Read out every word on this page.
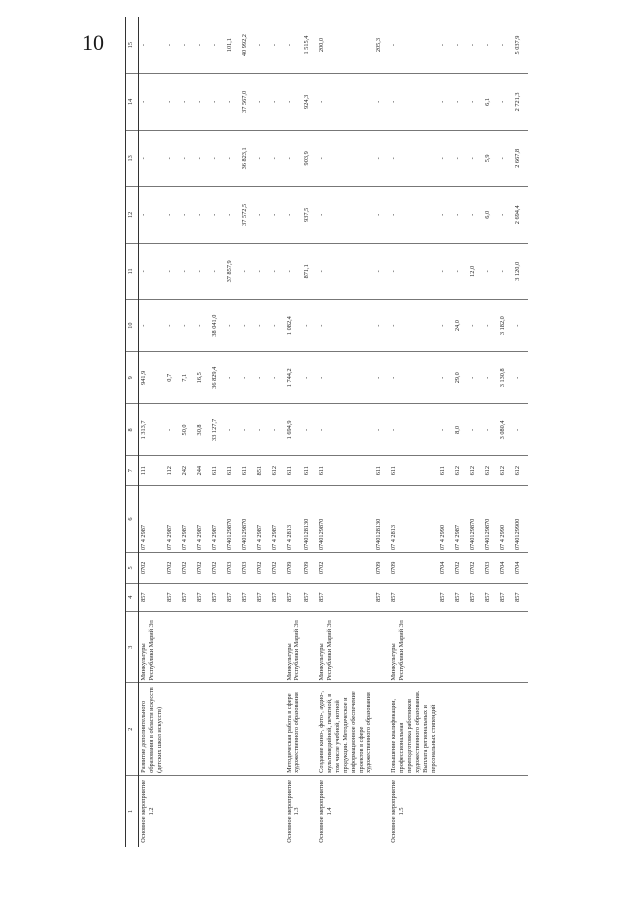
10
1	2	3	4	5	6	7	8	9	10	11	12	13	14	15
Основное мероприятие 1.2	Развитие дополнительного образования в области искусств (детских школ искусств)	Минкультуры Республики Марий Эл	857	0702	07 4 2987	111	1 313,7	941,9	-	-	-	-	-	-
			857	0702	07 4 2987	112	-	0,7	-	-	-	-	-	-
			857	0702	07 4 2987	242	50,0	7,1	-	-	-	-	-	-
			857	0702	07 4 2987	244	30,8	16,5	-	-	-	-	-	-
			857	0702	07 4 2987	611	33 127,7	36 829,4	38 041,0	-	-	-	-	-
			857	0703	0740129870	611	-	-	-	37 857,9	-	-	-	101,1
			857	0703	0740129870	611	-	-	-	-	37 572,5	36 823,1	37 567,0	40 992,2
			857	0702	07 4 2987	851	-	-	-	-	-	-	-	-
			857	0702	07 4 2987	612	-	-	-	-	-	-	-	-
Основное мероприятие 1.3	Методическая работа в сфере художественного образования	Минкультуры Республики Марий Эл	857	0709	07 4 2813	611	1 694,9	1 744,2	1 082,4	-	-	-	-	-
			857	0709	0740128130	611	-	-	-	871,1	937,5	903,9	924,3	1 515,4
Основное мероприятие 1.4	Создание кино-, фото-, аудио-, мультимедийной, печатной, в том числе учебной, нотной продукции. Методическое и информационное обеспечение проектов в сфере художественного образования	Минкультуры Республики Марий Эл	857	0702	0740129870	611	-	-	-	-	-	-	-	200,0
			857	0709	0740128130	611	-	-	-	-	-	-	-	205,3
Основное мероприятие 1.5	Повышение квалификации, профессиональная переподготовка работников художественного образования. Выплата региональных и персональных стипендий	Минкультуры Республики Марий Эл	857	0709	07 4 2813	611	-	-	-	-	-	-	-	-
			857	0704	07 4 2990	611	-	-	-	-	-	-	-	-
			857	0702	07 4 2987	612	8,0	29,0	24,0	-	-	-	-	-
			857	0702	0740129870	612	-	-	-	12,0	-	-	-	-
			857	0703	0740129870	612	-	-	-	-	6,0	5,9	6,1	-
			857	0704	07 4 2990	612	3 080,4	3 130,8	3 182,0	-	-	-	-	-
			857	0704	0740129900	612	-	-	-	3 120,0	2 694,4	2 667,8	2 721,3	5 037,9
